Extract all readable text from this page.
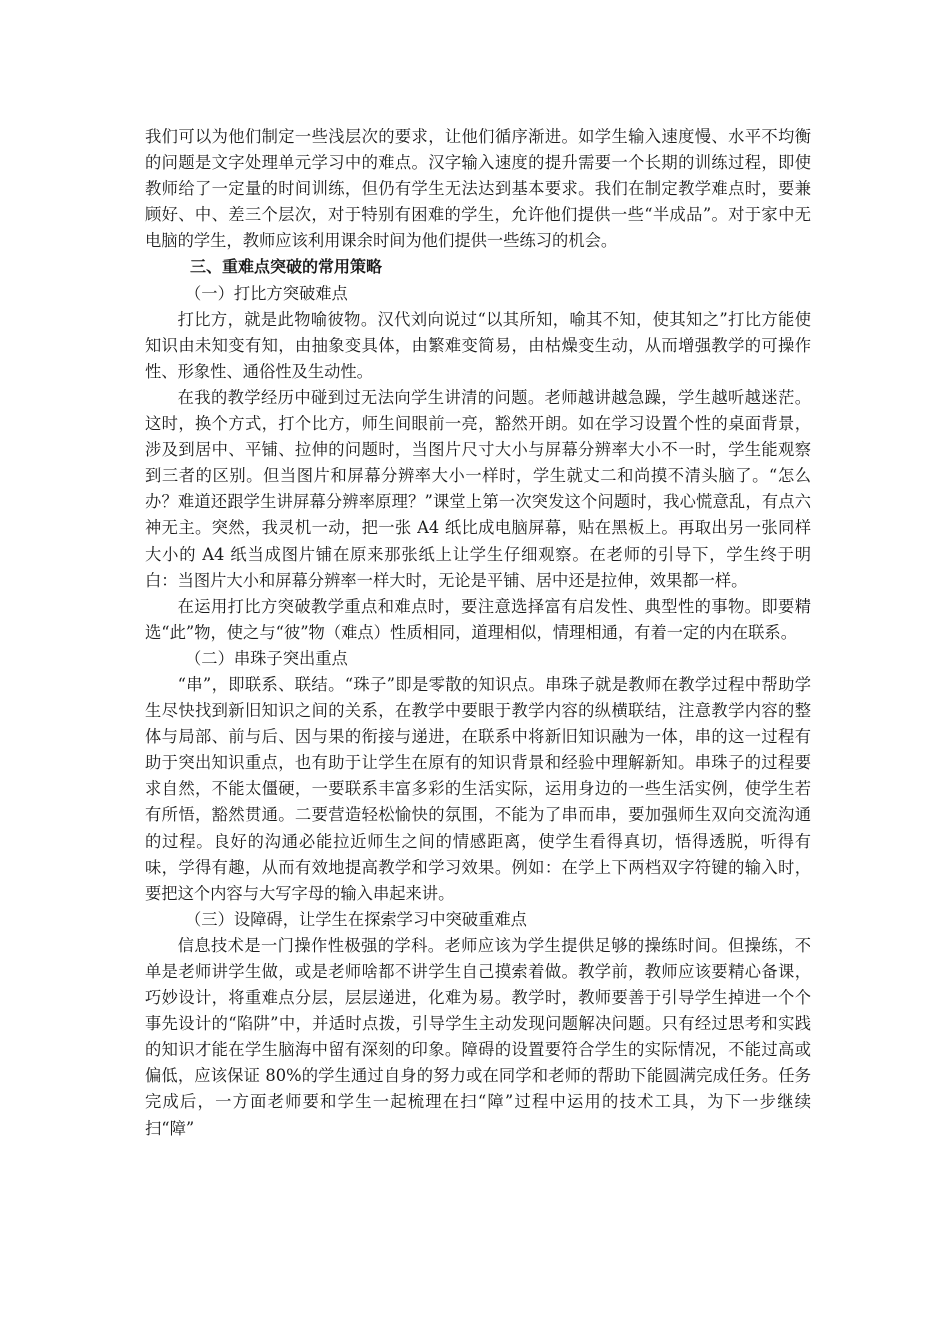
我们可以为他们制定一些浅层次的要求，让他们循序渐进。如学生输入速度慢、水平不均衡的问题是文字处理单元学习中的难点。汉字输入速度的提升需要一个长期的训练过程，即使教师给了一定量的时间训练，但仍有学生无法达到基本要求。我们在制定教学难点时，要兼顾好、中、差三个层次，对于特别有困难的学生，允许他们提供一些“半成品”。对于家中无电脑的学生，教师应该利用课余时间为他们提供一些练习的机会。

三、重难点突破的常用策略

（一）打比方突破难点

打比方，就是此物喻彼物。汉代刘向说过“以其所知，喻其不知，使其知之”打比方能使知识由未知变有知，由抽象变具体，由繁难变简易，由枯燥变生动，从而增强教学的可操作性、形象性、通俗性及生动性。

在我的教学经历中碰到过无法向学生讲清的问题。老师越讲越急躁，学生越听越迷茫。这时，换个方式，打个比方，师生间眼前一亮，豁然开朗。如在学习设置个性的桌面背景，涉及到居中、平铺、拉伸的问题时，当图片尺寸大小与屏幕分辨率大小不一时，学生能观察到三者的区别。但当图片和屏幕分辨率大小一样时，学生就丈二和尚摸不清头脑了。“怎么办？难道还跟学生讲屏幕分辨率原理？”课堂上第一次突发这个问题时，我心慌意乱，有点六神无主。突然，我灵机一动，把一张 A4 纸比成电脑屏幕，贴在黑板上。再取出另一张同样大小的 A4 纸当成图片铺在原来那张纸上让学生仔细观察。在老师的引导下，学生终于明白：当图片大小和屏幕分辨率一样大时，无论是平铺、居中还是拉伸，效果都一样。

在运用打比方突破教学重点和难点时，要注意选择富有启发性、典型性的事物。即要精选“此”物，使之与“彼”物（难点）性质相同，道理相似，情理相通，有着一定的内在联系。

（二）串珠子突出重点

“串”，即联系、联结。“珠子”即是零散的知识点。串珠子就是教师在教学过程中帮助学生尽快找到新旧知识之间的关系，在教学中要眼于教学内容的纵横联结，注意教学内容的整体与局部、前与后、因与果的衔接与递进，在联系中将新旧知识融为一体，串的这一过程有助于突出知识重点，也有助于让学生在原有的知识背景和经验中理解新知。串珠子的过程要求自然，不能太僵硬，一要联系丰富多彩的生活实际，运用身边的一些生活实例，使学生若有所悟，豁然贯通。二要营造轻松愉快的氛围，不能为了串而串，要加强师生双向交流沟通的过程。良好的沟通必能拉近师生之间的情感距离，使学生看得真切，悟得透脱，听得有味，学得有趣，从而有效地提高教学和学习效果。例如：在学上下两档双字符键的输入时，要把这个内容与大写字母的输入串起来讲。

（三）设障碍，让学生在探索学习中突破重难点

信息技术是一门操作性极强的学科。老师应该为学生提供足够的操练时间。但操练，不单是老师讲学生做，或是老师啥都不讲学生自己摸索着做。教学前，教师应该要精心备课，巧妙设计，将重难点分层，层层递进，化难为易。教学时，教师要善于引导学生掉进一个个事先设计的“陷阱”中，并适时点拨，引导学生主动发现问题解决问题。只有经过思考和实践的知识才能在学生脑海中留有深刻的印象。障碍的设置要符合学生的实际情况，不能过高或偏低，应该保证 80%的学生通过自身的努力或在同学和老师的帮助下能圆满完成任务。任务完成后，一方面老师要和学生一起梳理在扫“障”过程中运用的技术工具，为下一步继续扫“障”
